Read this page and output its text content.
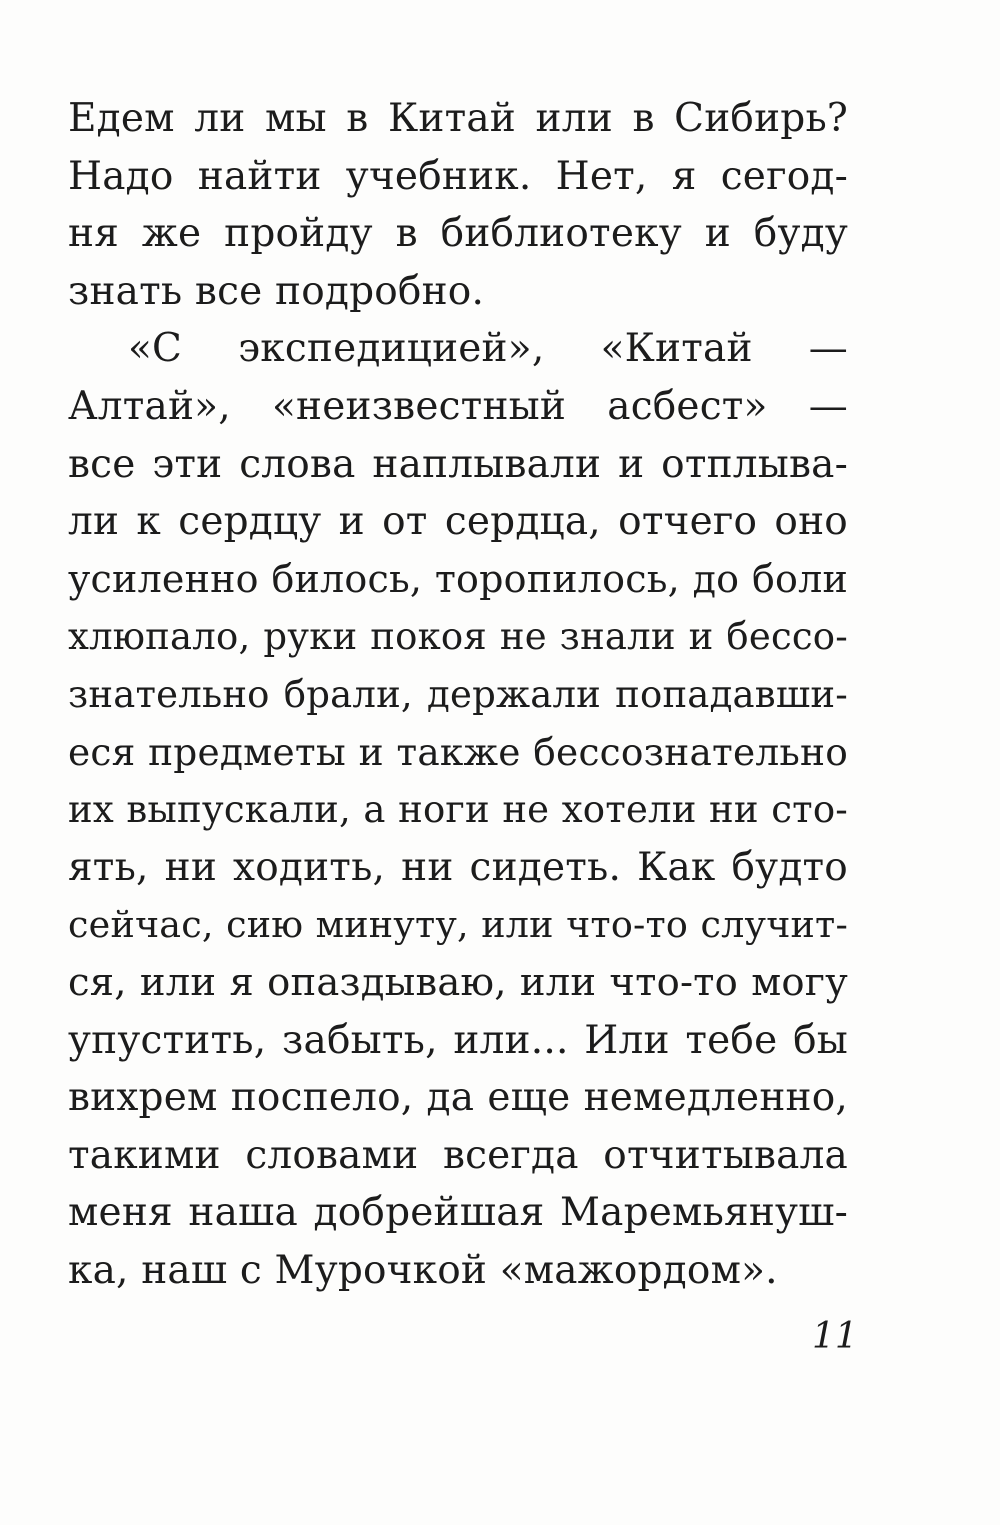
Едем ли мы в Китай или в Сибирь?
Надо найти учебник. Нет, я сегод-
ня же пройду в библиотеку и буду
знать все подробно.
«С экспедицией», «Китай —
Алтай», «неизвестный асбест» —
все эти слова наплывали и отплыва-
ли к сердцу и от сердца, отчего оно
усиленно билось, торопилось, до боли
хлюпало, руки покоя не знали и бессо-
знательно брали, держали попадавши-
еся предметы и также бессознательно
их выпускали, а ноги не хотели ни сто-
ять, ни ходить, ни сидеть. Как будто
сейчас, сию минуту, или что-то случит-
ся, или я опаздываю, или что-то могу
упустить, забыть, или... Или тебе бы
вихрем поспело, да еще немедленно,
такими словами всегда отчитывала
меня наша добрейшая Маремьянуш-
ка, наш с Мурочкой «мажордом».
11
